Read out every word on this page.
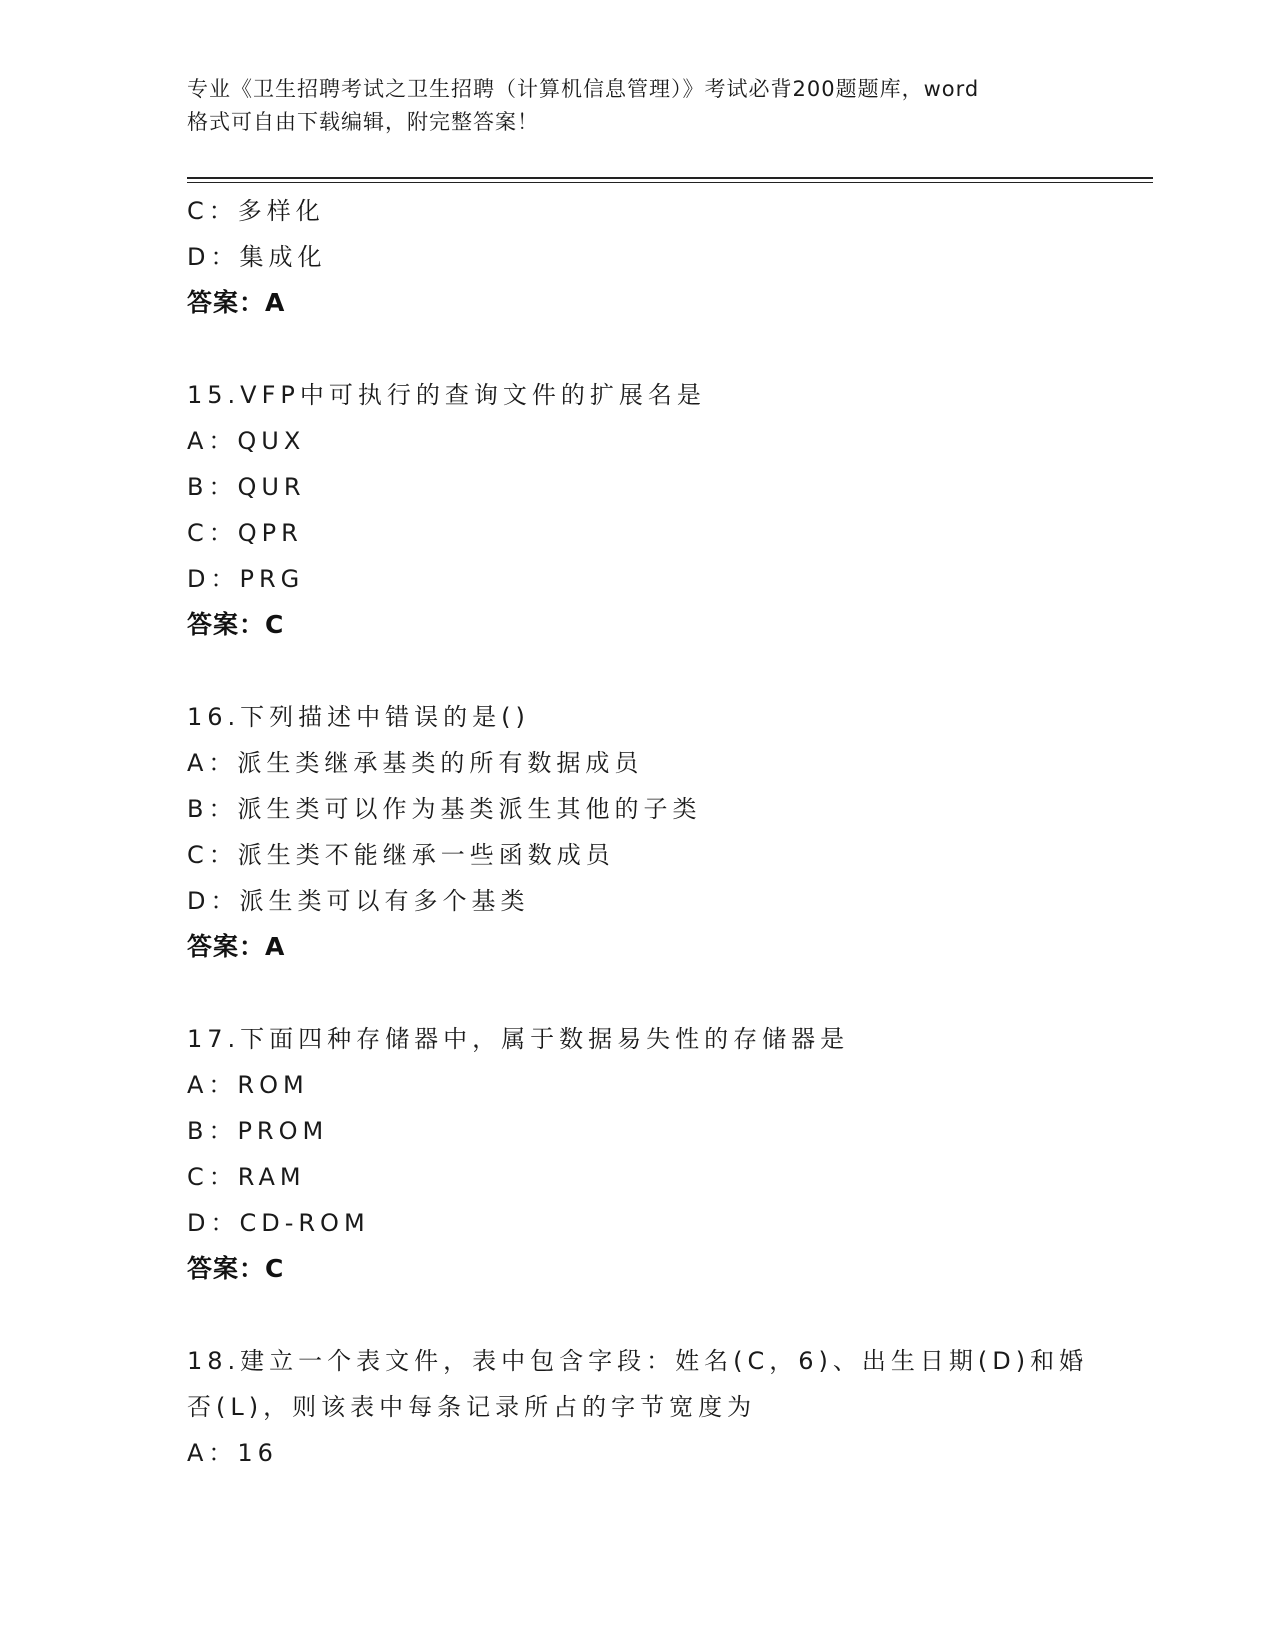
专业《卫生招聘考试之卫生招聘（计算机信息管理）》考试必背200题题库，word
格式可自由下载编辑，附完整答案！
C：多样化
D：集成化
答案：A
15.VFP中可执行的查询文件的扩展名是
A：QUX
B：QUR
C：QPR
D：PRG
答案：C
16.下列描述中错误的是()
A：派生类继承基类的所有数据成员
B：派生类可以作为基类派生其他的子类
C：派生类不能继承一些函数成员
D：派生类可以有多个基类
答案：A
17.下面四种存储器中，属于数据易失性的存储器是
A：ROM
B：PROM
C：RAM
D：CD-ROM
答案：C
18.建立一个表文件，表中包含字段：姓名(C，6)、出生日期(D)和婚
否(L)，则该表中每条记录所占的字节宽度为
A：16
